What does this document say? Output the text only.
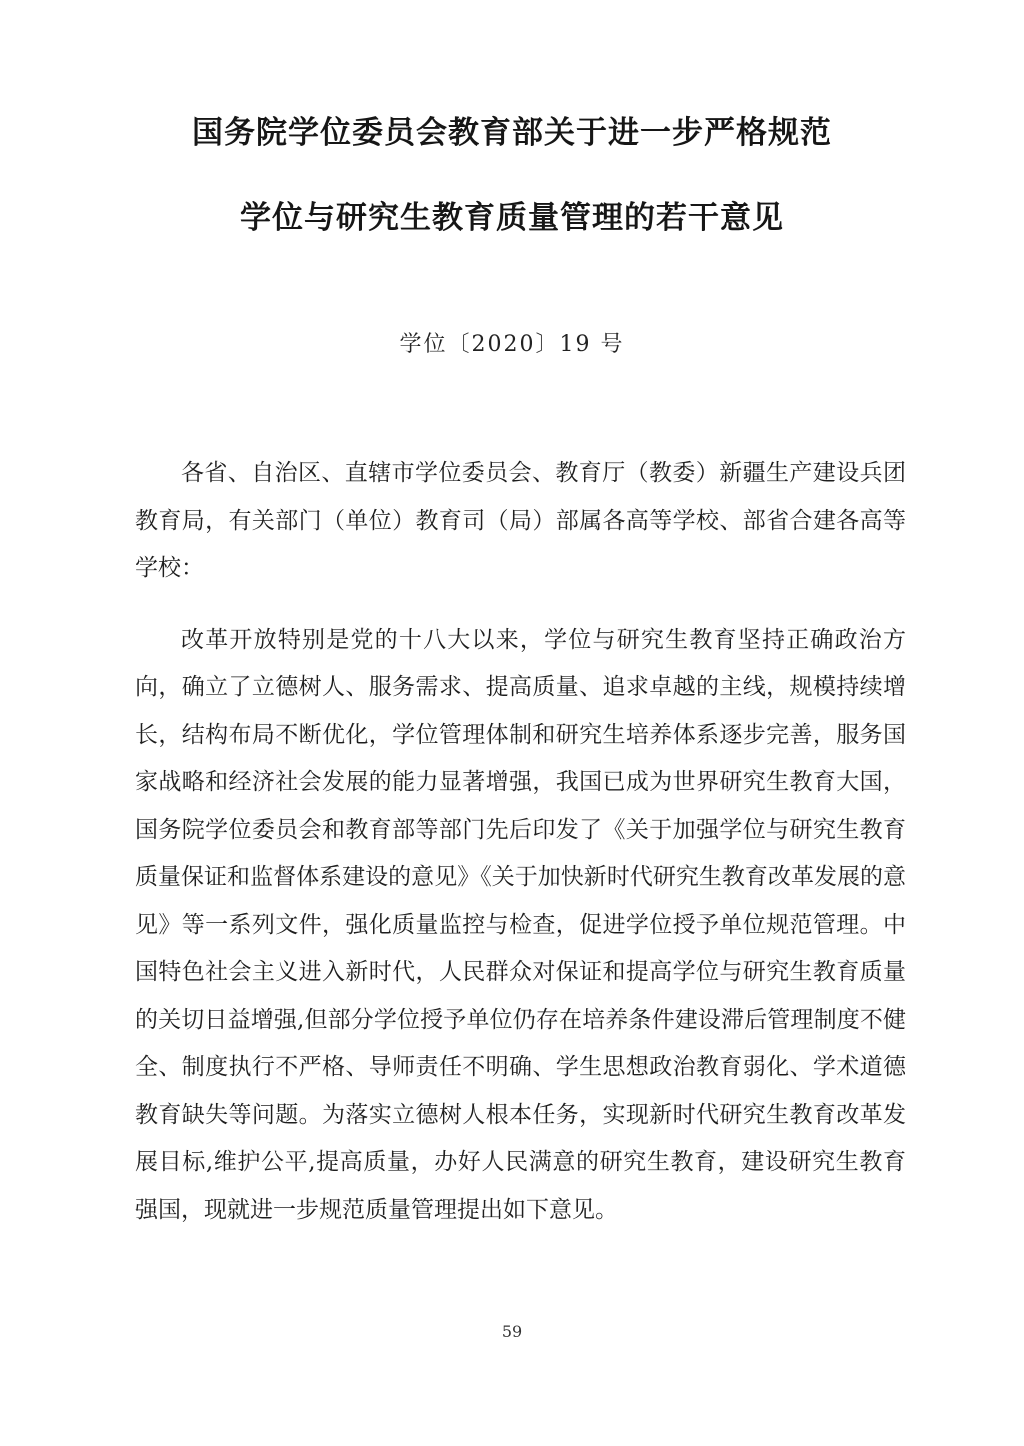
国务院学位委员会教育部关于进一步严格规范
学位与研究生教育质量管理的若干意见
学位〔2020〕19 号

各省、自治区、直辖市学位委员会、教育厅（教委）新疆生产建设兵团教育局，有关部门（单位）教育司（局）部属各高等学校、部省合建各高等学校：

改革开放特别是党的十八大以来，学位与研究生教育坚持正确政治方向，确立了立德树人、服务需求、提高质量、追求卓越的主线，规模持续增长，结构布局不断优化，学位管理体制和研究生培养体系逐步完善，服务国家战略和经济社会发展的能力显著增强，我国已成为世界研究生教育大国，国务院学位委员会和教育部等部门先后印发了《关于加强学位与研究生教育质量保证和监督体系建设的意见》《关于加快新时代研究生教育改革发展的意见》等一系列文件，强化质量监控与检查，促进学位授予单位规范管理。中国特色社会主义进入新时代，人民群众对保证和提高学位与研究生教育质量的关切日益增强,但部分学位授予单位仍存在培养条件建设滞后管理制度不健全、制度执行不严格、导师责任不明确、学生思想政治教育弱化、学术道德教育缺失等问题。为落实立德树人根本任务，实现新时代研究生教育改革发展目标,维护公平,提高质量，办好人民满意的研究生教育，建设研究生教育强国，现就进一步规范质量管理提出如下意见。

59
